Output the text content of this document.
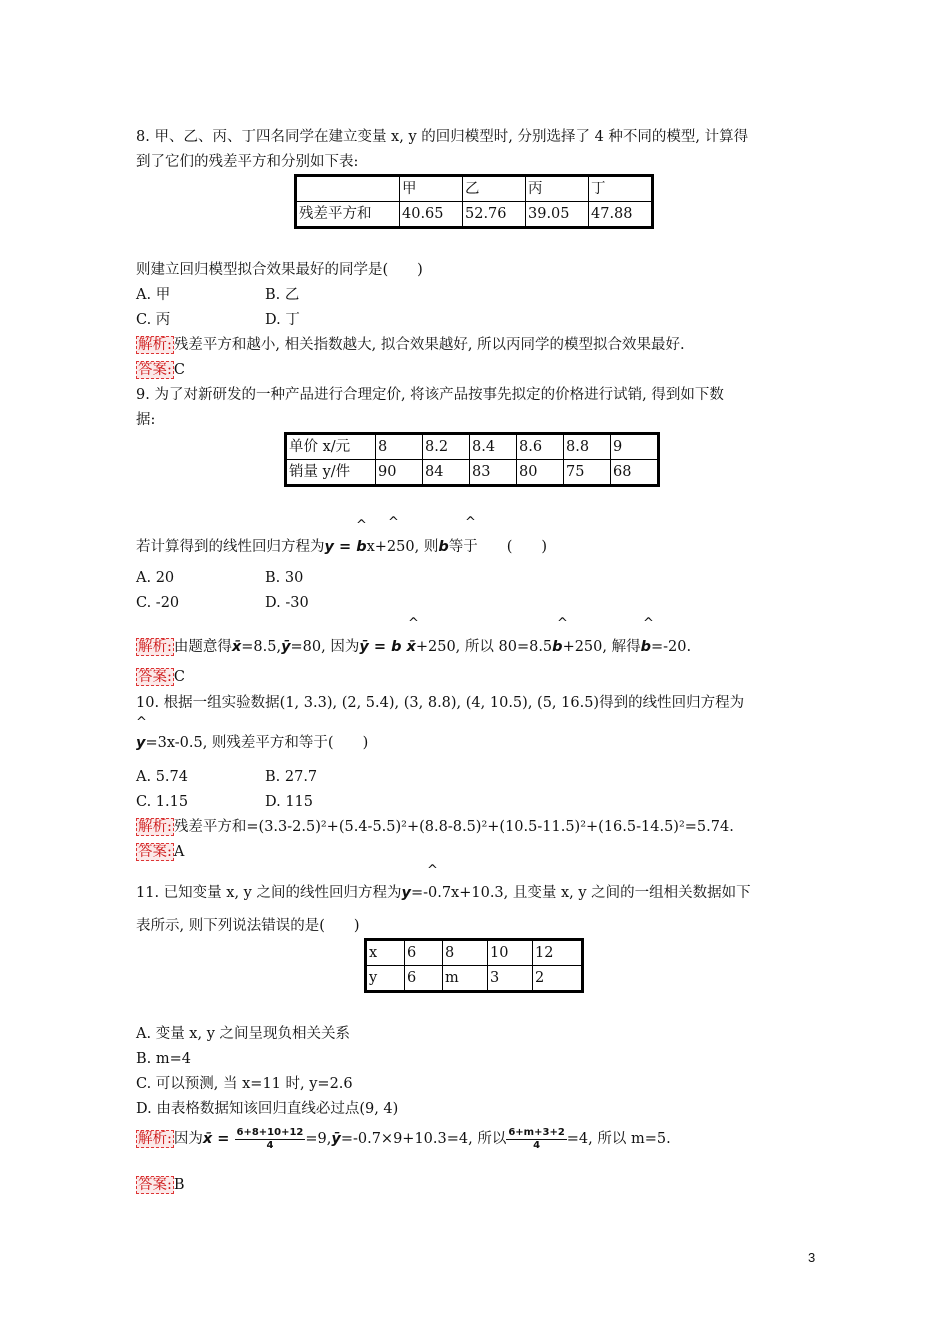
8. 甲、乙、丙、丁四名同学在建立变量 x, y 的回归模型时, 分别选择了 4 种不同的模型, 计算得
到了它们的残差平方和分别如下表:
	甲	乙	丙	丁
残差平方和	40.65	52.76	39.05	47.88
则建立回归模型拟合效果最好的同学是(　　)
A. 甲	B. 乙
C. 丙	D. 丁
解析: 残差平方和越小, 相关指数越大, 拟合效果越好, 所以丙同学的模型拟合效果最好.
答案: C
9. 为了对新研发的一种产品进行合理定价, 将该产品按事先拟定的价格进行试销, 得到如下数
据:
单价 x/元	8	8.2	8.4	8.6	8.8	9
销量 y/件	90	84	83	80	75	68
^ ^	^
若计算得到的线性回归方程为y = bx+250, 则b等于　　(　　)
A. 20	B. 30
C. -20	D. -30
^	^	^
解析: 由题意得x̄=8.5,ȳ=80, 因为ȳ = b x̄+250, 所以 80=8.5b+250, 解得b=-20.
答案: C
10. 根据一组实验数据(1, 3.3), (2, 5.4), (3, 8.8), (4, 10.5), (5, 16.5)得到的线性回归方程为
^
y=3x-0.5, 则残差平方和等于(　　)
A. 5.74	B. 27.7
C. 1.15	D. 115
解析: 残差平方和=(3.3-2.5)²+(5.4-5.5)²+(8.8-8.5)²+(10.5-11.5)²+(16.5-14.5)²=5.74.
答案: A
^
11. 已知变量 x, y 之间的线性回归方程为y=-0.7x+10.3, 且变量 x, y 之间的一组相关数据如下
表所示, 则下列说法错误的是(　　)
x	6	8	10	12
y	6	m	3	2
A. 变量 x, y 之间呈现负相关关系
B. m=4
C. 可以预测, 当 x=11 时, y=2.6
D. 由表格数据知该回归直线必过点(9, 4)
解析: 因为x̄ = $\frac{6+8+10+12}{4}$ =9,ȳ=-0.7×9+10.3=4, 所以 $\frac{6+m+3+2}{4} =4$, 所以 m=5.
答案: B
3
